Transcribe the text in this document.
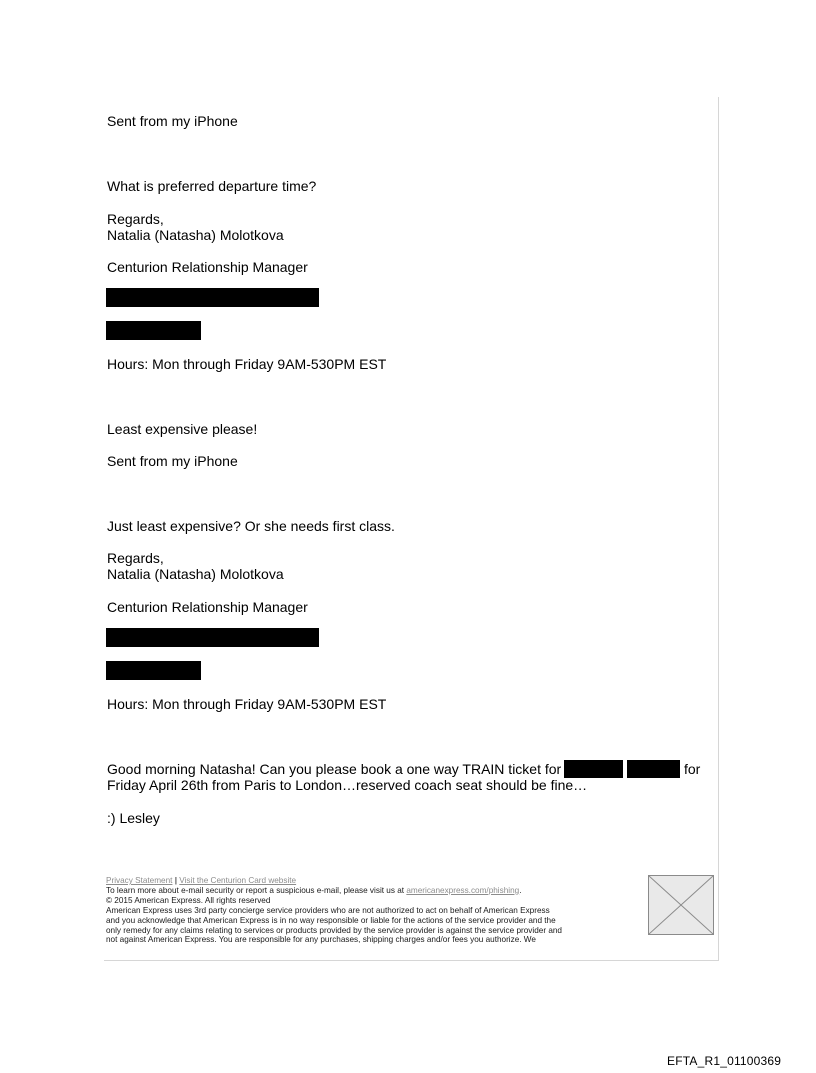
Sent from my iPhone
What is preferred departure time?
Regards,
Natalia (Natasha) Molotkova
Centurion Relationship Manager
Hours: Mon through Friday 9AM-530PM EST
Least expensive please!
Sent from my iPhone
Just least expensive? Or she needs first class.
Regards,
Natalia (Natasha) Molotkova
Centurion Relationship Manager
Hours: Mon through Friday 9AM-530PM EST
Good morning Natasha! Can you please book a one way TRAIN ticket for	for
Friday April 26th from Paris to London…reserved coach seat should be fine…
:) Lesley
Privacy Statement | Visit the Centurion Card website
To learn more about e-mail security or report a suspicious e-mail, please visit us at americanexpress.com/phishing.
© 2015 American Express. All rights reserved
American Express uses 3rd party concierge service providers who are not authorized to act on behalf of American Express
and you acknowledge that American Express is in no way responsible or liable for the actions of the service provider and the
only remedy for any claims relating to services or products provided by the service provider is against the service provider and
not against American Express. You are responsible for any purchases, shipping charges and/or fees you authorize. We
EFTA_R1_01100369
